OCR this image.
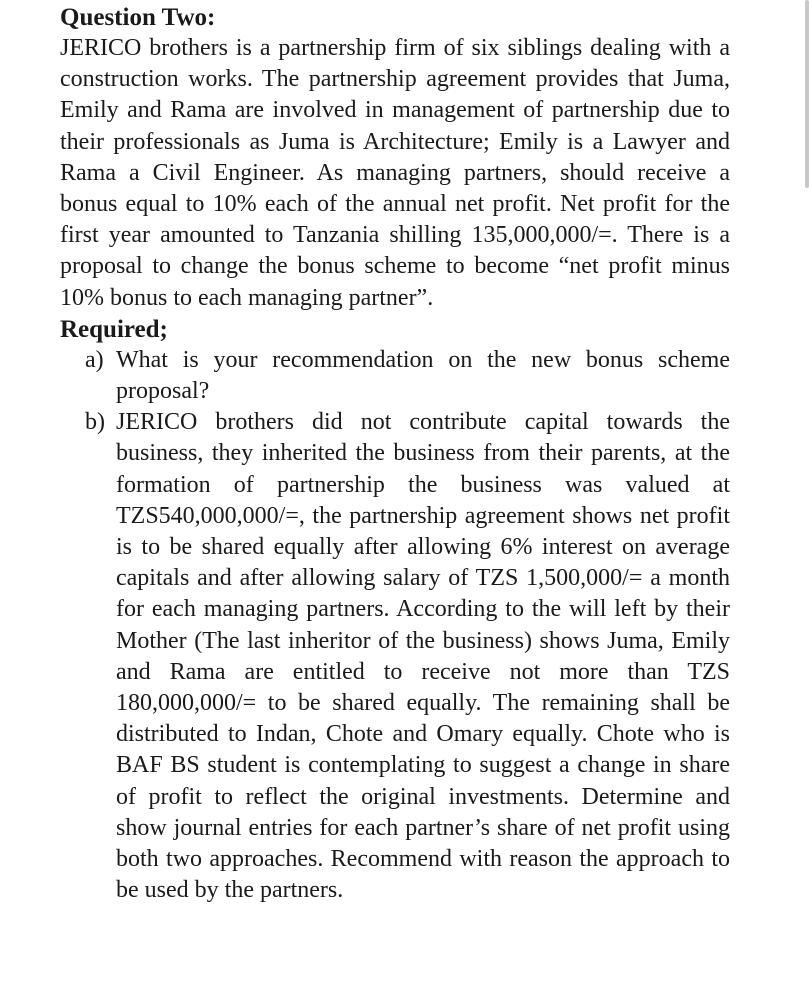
Question Two:

JERICO brothers is a partnership firm of six siblings dealing with a construction works. The partnership agreement provides that Juma, Emily and Rama are involved in management of partnership due to their professionals as Juma is Architecture; Emily is a Lawyer and Rama a Civil Engineer. As managing partners, should receive a bonus equal to 10% each of the annual net profit. Net profit for the first year amounted to Tanzania shilling 135,000,000/=. There is a proposal to change the bonus scheme to become “net profit minus 10% bonus to each managing partner”.

Required;
a) What is your recommendation on the new bonus scheme proposal?
b) JERICO brothers did not contribute capital towards the business, they inherited the business from their parents, at the formation of partnership the business was valued at TZS540,000,000/=, the partnership agreement shows net profit is to be shared equally after allowing 6% interest on average capitals and after allowing salary of TZS 1,500,000/= a month for each managing partners. According to the will left by their Mother (The last inheritor of the business) shows Juma, Emily and Rama are entitled to receive not more than TZS 180,000,000/= to be shared equally. The remaining shall be distributed to Indan, Chote and Omary equally. Chote who is BAF BS student is contemplating to suggest a change in share of profit to reflect the original investments. Determine and show journal entries for each partner’s share of net profit using both two approaches. Recommend with reason the approach to be used by the partners.
